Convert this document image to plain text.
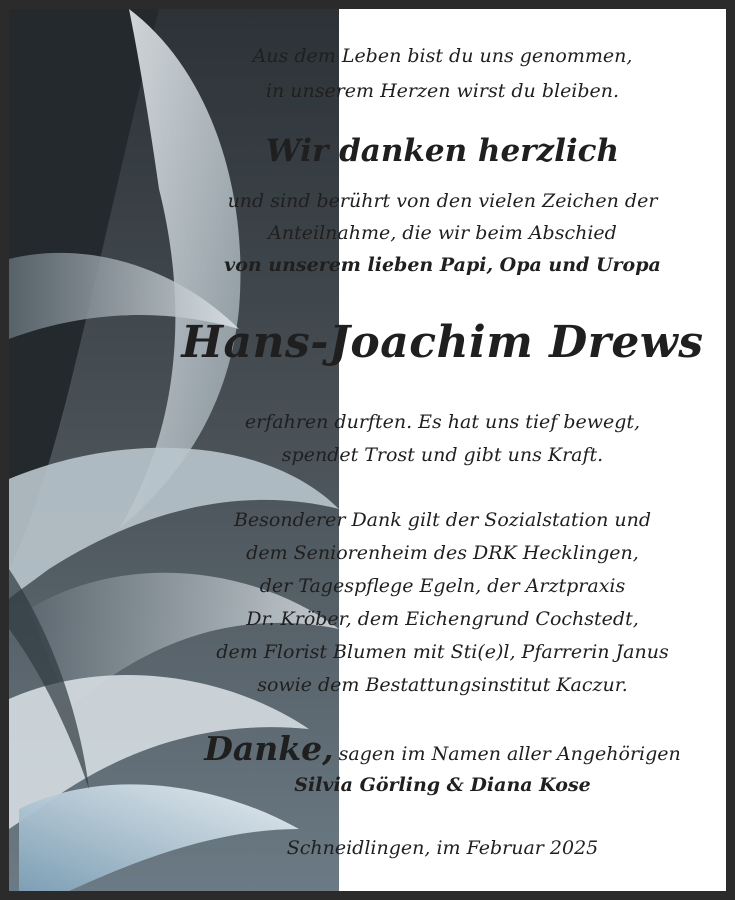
Aus dem Leben bist du uns genommen,
in unserem Herzen wirst du bleiben.
Wir danken herzlich
und sind berührt von den vielen Zeichen der
Anteilnahme, die wir beim Abschied
von unserem lieben Papi, Opa und Uropa
Hans-Joachim Drews
erfahren durften. Es hat uns tief bewegt,
spendet Trost und gibt uns Kraft.
Besonderer Dank gilt der Sozialstation und
dem Seniorenheim des DRK Hecklingen,
der Tagespflege Egeln, der Arztpraxis
Dr. Kröber, dem Eichengrund Cochstedt,
dem Florist Blumen mit Sti(e)l, Pfarrerin Janus
sowie dem Bestattungsinstitut Kaczur.
Danke, sagen im Namen aller Angehörigen
Silvia Görling & Diana Kose
Schneidlingen, im Februar 2025
